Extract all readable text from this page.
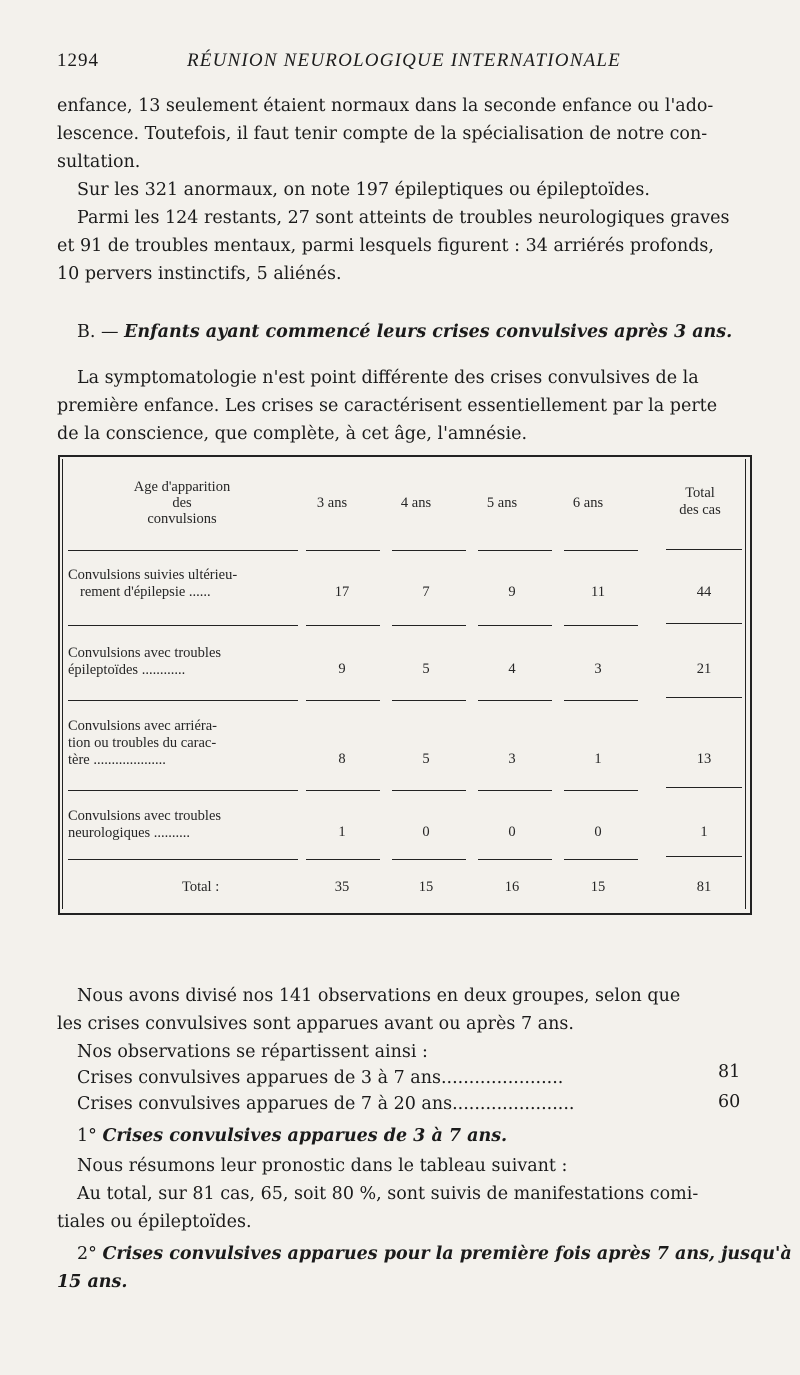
1294	RÉUNION NEUROLOGIQUE INTERNATIONALE
enfance, 13 seulement étaient normaux dans la seconde enfance ou l'ado-
lescence. Toutefois, il faut tenir compte de la spécialisation de notre con-
sultation.
Sur les 321 anormaux, on note 197 épileptiques ou épileptoïdes.
Parmi les 124 restants, 27 sont atteints de troubles neurologiques graves
et 91 de troubles mentaux, parmi lesquels figurent : 34 arriérés profonds,
10 pervers instinctifs, 5 aliénés.
B. — Enfants ayant commencé leurs crises convulsives après 3 ans.
La symptomatologie n'est point différente des crises convulsives de la
première enfance. Les crises se caractérisent essentiellement par la perte
de la conscience, que complète, à cet âge, l'amnésie.
Age d'apparition
des
convulsions
3 ans	4 ans	5 ans	6 ans
Total
des cas
Convulsions suivies ultérieu-
rement d'épilepsie ......	17	7	9	11	44
Convulsions avec troubles
épileptoïdes ............	9	5	4	3	21
Convulsions avec arriéra-
tion ou troubles du carac-
tère ....................	8	5	3	1	13
Convulsions avec troubles
neurologiques ..........	1	0	0	0	1
Total :	35	15	16	15	81
Nous avons divisé nos 141 observations en deux groupes, selon que
les crises convulsives sont apparues avant ou après 7 ans.
Nos observations se répartissent ainsi :
Crises convulsives apparues de 3 à 7 ans......................	81
Crises convulsives apparues de 7 à 20 ans......................	60
1° Crises convulsives apparues de 3 à 7 ans.
Nous résumons leur pronostic dans le tableau suivant :
Au total, sur 81 cas, 65, soit 80 %, sont suivis de manifestations comi-
tiales ou épileptoïdes.
2° Crises convulsives apparues pour la première fois après 7 ans, jusqu'à
15 ans.
